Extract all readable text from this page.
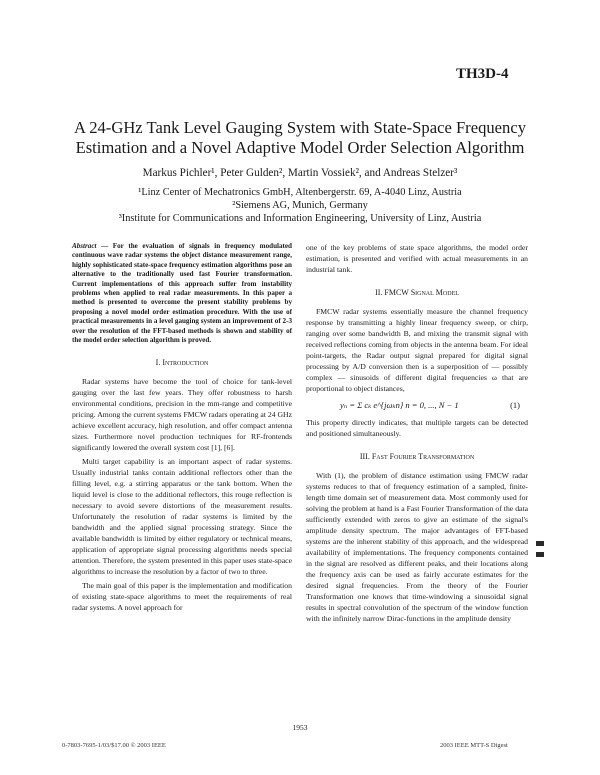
TH3D-4
A 24-GHz Tank Level Gauging System with State-Space Frequency
Estimation and a Novel Adaptive Model Order Selection Algorithm
Markus Pichler¹, Peter Gulden², Martin Vossiek², and Andreas Stelzer³
¹Linz Center of Mechatronics GmbH, Altenbergerstr. 69, A-4040 Linz, Austria
²Siemens AG, Munich, Germany
³Institute for Communications and Information Engineering, University of Linz, Austria

Abstract — For the evaluation of signals in frequency modulated continuous wave radar systems the object distance measurement range, highly sophisticated state-space frequency estimation algorithms pose an alternative to the traditionally used fast Fourier transformation. Current implementations of this approach suffer from instability problems when applied to real radar measurements. In this paper a method is presented to overcome the present stability problems by proposing a novel model order estimation procedure. With the use of practical measurements in a level gauging system an improvement of 2-3 over the resolution of the FFT-based methods is shown and stability of the model order selection algorithm is proved.

I. Introduction

Radar systems have become the tool of choice for tank-level gauging over the last few years. They offer robustness to harsh environmental conditions, precision in the mm-range and competitive pricing. Among the current systems FMCW radars operating at 24 GHz achieve excellent accuracy, high resolution, and offer compact antenna sizes. Furthermore novel production techniques for RF-frontends significantly lowered the overall system cost [1], [6].

Multi target capability is an important aspect of radar systems. Usually industrial tanks contain additional reflectors other than the filling level, e.g. a stirring apparatus or the tank bottom. When the liquid level is close to the additional reflectors, this rouge reflection is necessary to avoid severe distortions of the measurement results. Unfortunately the resolution of radar systems is limited by the bandwidth and the applied signal processing strategy. Since the available bandwidth is limited by either regulatory or technical means, application of appropriate signal processing algorithms needs special attention. Therefore, the system presented in this paper uses state-space algorithms to increase the resolution by a factor of two to three.

The main goal of this paper is the implementation and modification of existing state-space algorithms to meet the requirements of real radar systems. A novel approach for

one of the key problems of state space algorithms, the model order estimation, is presented and verified with actual measurements in an industrial tank.

II. FMCW Signal Model

FMCW radar systems essentially measure the channel frequency response by transmitting a highly linear frequency sweep, or chirp, ranging over some bandwidth B, and mixing the transmit signal with received reflections coming from objects in the antenna beam. For ideal point-targets, the Radar output signal prepared for digital signal processing by A/D conversion then is a superposition of — possibly complex — sinusoids of different digital frequencies ω that are proportional to object distances,

yₙ = Σ cₖ e^{jωₖn} n = 0, ..., N − 1	(1)

This property directly indicates, that multiple targets can be detected and positioned simultaneously.

III. Fast Fourier Transformation

With (1), the problem of distance estimation using FMCW radar systems reduces to that of frequency estimation of a sampled, finite-length time domain set of measurement data. Most commonly used for solving the problem at hand is a Fast Fourier Transformation of the data sufficiently extended with zeros to give an estimate of the signal's amplitude density spectrum. The major advantages of FFT-based systems are the inherent stability of this approach, and the widespread availability of implementations. The frequency components contained in the signal are resolved as different peaks, and their locations along the frequency axis can be used as fairly accurate estimates for the desired signal frequencies. From the theory of the Fourier Transformation one knows that time-windowing a sinusoidal signal results in spectral convolution of the spectrum of the window function with the infinitely narrow Dirac-functions in the amplitude density

1953
0-7803-7695-1/03/$17.00 © 2003 IEEE	2003 IEEE MTT-S Digest
